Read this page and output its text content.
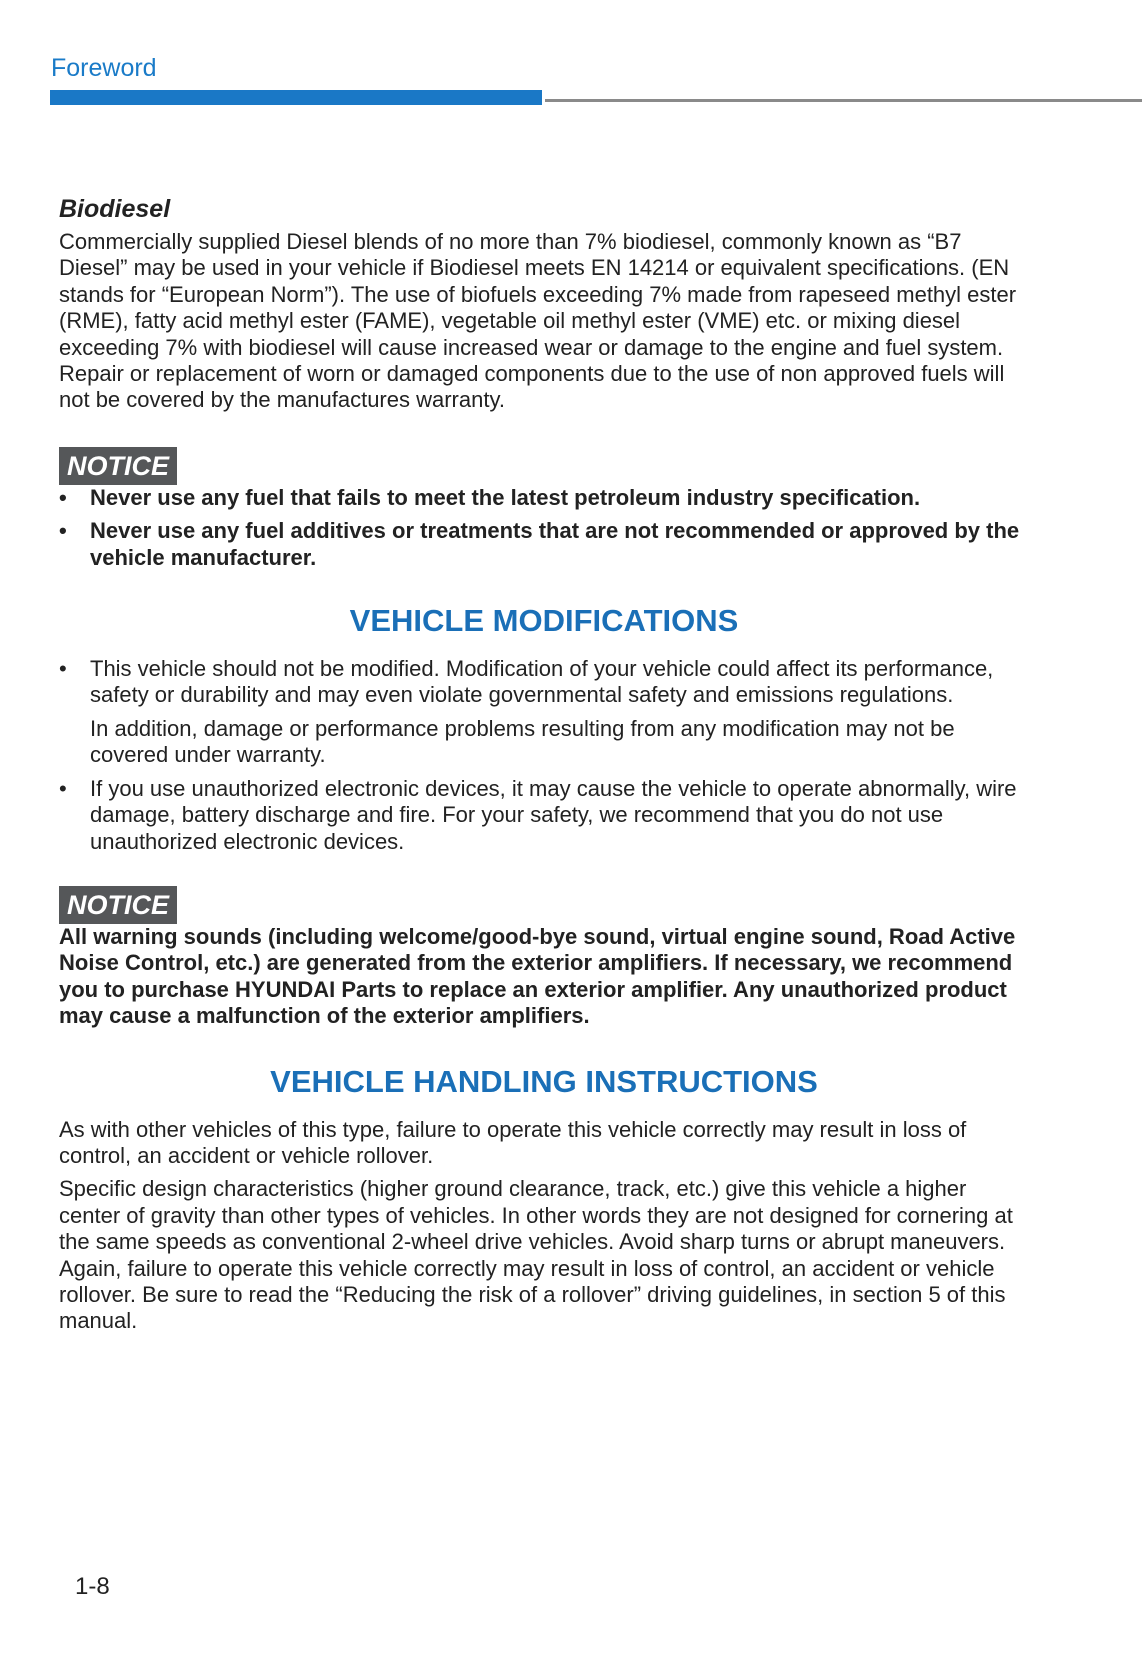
Foreword
Biodiesel

Commercially supplied Diesel blends of no more than 7% biodiesel, commonly known as “B7 Diesel” may be used in your vehicle if Biodiesel meets EN 14214 or equivalent specifications. (EN stands for “European Norm”). The use of biofuels exceeding 7% made from rapeseed methyl ester (RME), fatty acid methyl ester (FAME), vegetable oil methyl ester (VME) etc. or mixing diesel exceeding 7% with biodiesel will cause increased wear or damage to the engine and fuel system. Repair or replacement of worn or damaged components due to the use of non approved fuels will not be covered by the manufactures warranty.

NOTICE
• Never use any fuel that fails to meet the latest petroleum industry specification.
• Never use any fuel additives or treatments that are not recommended or approved by the vehicle manufacturer.
VEHICLE MODIFICATIONS
• This vehicle should not be modified. Modification of your vehicle could affect its performance, safety or durability and may even violate governmental safety and emissions regulations.
In addition, damage or performance problems resulting from any modification may not be covered under warranty.
• If you use unauthorized electronic devices, it may cause the vehicle to operate abnormally, wire damage, battery discharge and fire. For your safety, we recommend that you do not use unauthorized electronic devices.
NOTICE

All warning sounds (including welcome/good-bye sound, virtual engine sound, Road Active Noise Control, etc.) are generated from the exterior amplifiers. If necessary, we recommend you to purchase HYUNDAI Parts to replace an exterior amplifier. Any unauthorized product may cause a malfunction of the exterior amplifiers.

VEHICLE HANDLING INSTRUCTIONS

As with other vehicles of this type, failure to operate this vehicle correctly may result in loss of control, an accident or vehicle rollover.

Specific design characteristics (higher ground clearance, track, etc.) give this vehicle a higher center of gravity than other types of vehicles. In other words they are not designed for cornering at the same speeds as conventional 2-wheel drive vehicles. Avoid sharp turns or abrupt maneuvers. Again, failure to operate this vehicle correctly may result in loss of control, an accident or vehicle rollover. Be sure to read the “Reducing the risk of a rollover” driving guidelines, in section 5 of this manual.

1-8
